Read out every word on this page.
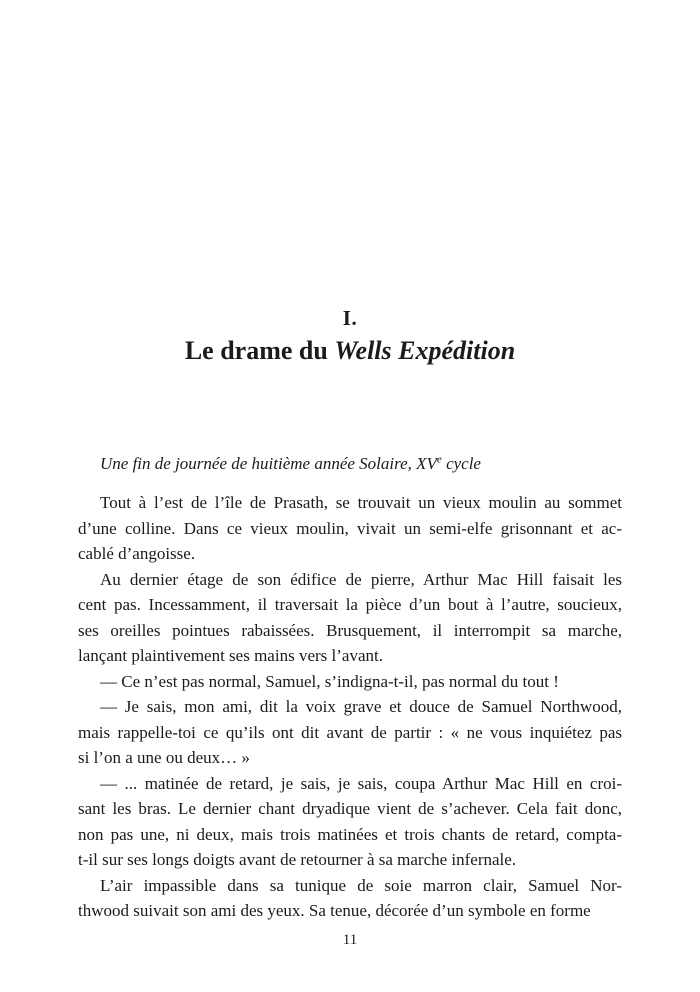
I.
Le drame du Wells Expédition
Une fin de journée de huitième année Solaire, XVe cycle
Tout à l’est de l’île de Prasath, se trouvait un vieux moulin au sommet
d’une colline. Dans ce vieux moulin, vivait un semi-elfe grisonnant et ac-
cablé d’angoisse.
Au dernier étage de son édifice de pierre, Arthur Mac Hill faisait les
cent pas. Incessamment, il traversait la pièce d’un bout à l’autre, soucieux,
ses oreilles pointues rabaissées. Brusquement, il interrompit sa marche,
lançant plaintivement ses mains vers l’avant.
— Ce n’est pas normal, Samuel, s’indigna-t-il, pas normal du tout !
— Je sais, mon ami, dit la voix grave et douce de Samuel Northwood,
mais rappelle-toi ce qu’ils ont dit avant de partir : « ne vous inquiétez pas
si l’on a une ou deux… »
— ... matinée de retard, je sais, je sais, coupa Arthur Mac Hill en croi-
sant les bras. Le dernier chant dryadique vient de s’achever. Cela fait donc,
non pas une, ni deux, mais trois matinées et trois chants de retard, compta-
t-il sur ses longs doigts avant de retourner à sa marche infernale.
L’air impassible dans sa tunique de soie marron clair, Samuel Nor-
thwood suivait son ami des yeux. Sa tenue, décorée d’un symbole en forme
11
